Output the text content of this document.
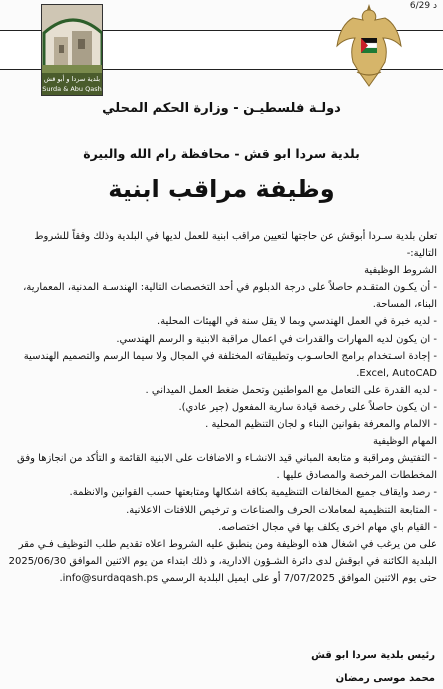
6/29 د
بلدية سردا و أبو قش
Surda & Abu Qash
دولـة فلسطيـن - وزارة الحكم المحلي
بلدية سردا ابو قش - محافظة رام الله والبيرة
وظيفة مراقب ابنية
تعلن بلدية سـردا أبوقش عن حاجتها لتعيين مراقب ابنية للعمل لديها في البلدية وذلك وفقاً للشروط التالية:-
الشروط الوظيفية
- أن يكـون المتقـدم حاصلاً على درجة الدبلوم في أحد التخصصات التالية: الهندسـة المدنية، المعمارية، البناء، المساحة.
- لديه خبرة في العمل الهندسي وبما لا يقل سنة في الهيئات المحلية.
- ان يكون لديه المهارات والقدرات في اعمال مراقبة الابنية و الرسم الهندسي.
- إجادة اسـتخدام برامج الحاسـوب وتطبيقاته المختلفة في المجال ولا سيما الرسم والتصميم الهندسية Excel, AutoCAD.
- لديه القدرة على التعامل مع المواطنين وتحمل ضغط العمل الميداني .
- ان يكون حاصلاً على رخصة قيادة سارية المفعول (جير عادي).
- الالمام والمعرفة بقوانين البناء و لجان التنظيم المحلية .
المهام الوظيفية
- التفتيش ومراقبة و متابعة المباني قيد الانشـاء و الاضافات على الابنية القائمة و التأكد من انجازها وفق المخططات المرخصة والمصادق عليها .
- رصد وايقاف جميع المخالفات التنظيمية بكافة اشكالها ومتابعتها حسب القوانين والانظمة.
- المتابعة التنظيمية لمعاملات الحرف والصناعات و ترخيص اللافتات الاعلانية.
- القيام باي مهام اخرى يكلف بها في مجال اختصاصه.
على من يرغب في اشغال هذه الوظيفة ومن ينطبق عليه الشروط اعلاه تقديم طلب التوظيف فـي مقر البلدية الكائنة في ابوقش لدى دائرة الشـؤون الادارية، و ذلك ابتداء من يوم الاثنين الموافق 2025/06/30 حتى يوم الاثنين الموافق 7/07/2025 أو على ايميل البلدية الرسمي info@surdaqash.ps.
رئيس بلدية سردا ابو قش
محمد موسى رمضان
